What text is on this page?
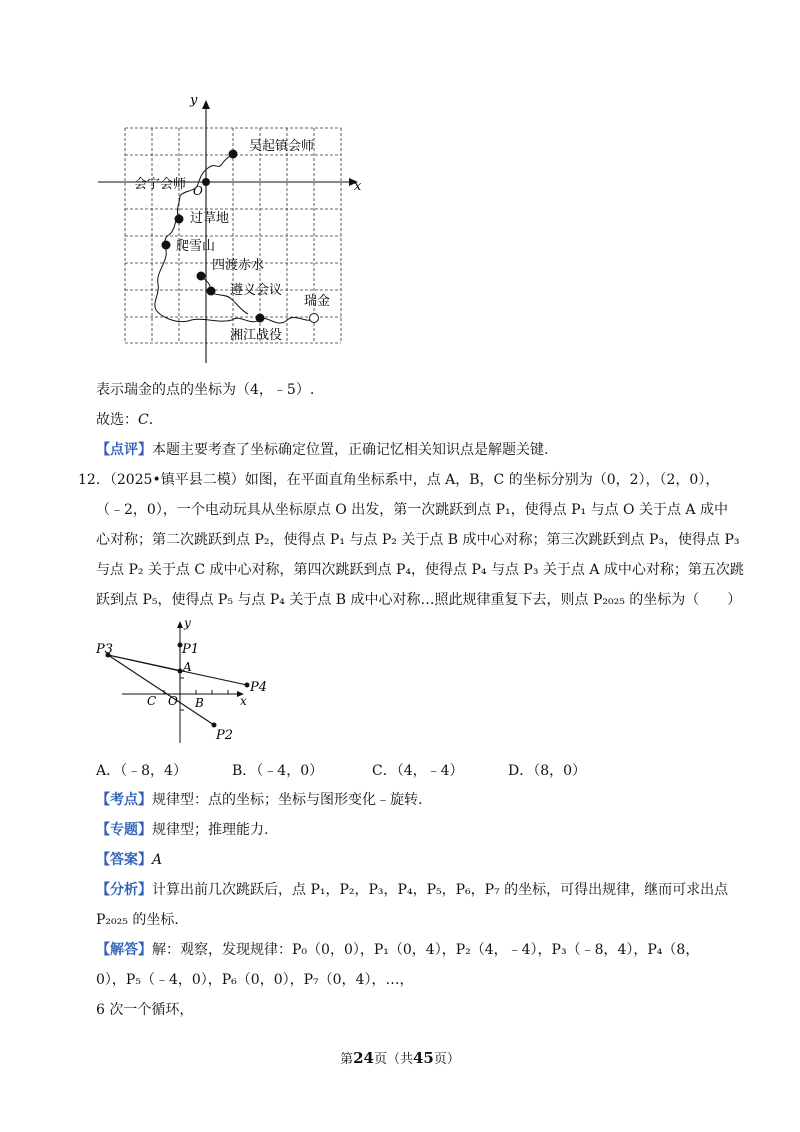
x
y
O
吴起镇会师
会宁会师
过草地
爬雪山
四渡赤水
遵义会议
瑞金
湘江战役
表示瑞金的点的坐标为（4，﹣5）.
故选：C.
【点评】本题主要考查了坐标确定位置，正确记忆相关知识点是解题关键.
12．（2025•镇平县二模）如图，在平面直角坐标系中，点 A，B，C 的坐标分别为（0，2），（2，0），
（﹣2，0），一个电动玩具从坐标原点 O 出发，第一次跳跃到点 P₁，使得点 P₁ 与点 O 关于点 A 成中
心对称；第二次跳跃到点 P₂，使得点 P₁ 与点 P₂ 关于点 B 成中心对称；第三次跳跃到点 P₃，使得点 P₃
与点 P₂ 关于点 C 成中心对称，第四次跳跃到点 P₄，使得点 P₄ 与点 P₃ 关于点 A 成中心对称；第五次跳
跃到点 P₅，使得点 P₅ 与点 P₄ 关于点 B 成中心对称…照此规律重复下去，则点 P₂₀₂₅ 的坐标为（　　）
P3	P1
A
P4
C O B	x
y
P2
A．（﹣8，4）	B．（﹣4，0）	C．（4，﹣4）	D．（8，0）
【考点】规律型：点的坐标；坐标与图形变化﹣旋转.
【专题】规律型；推理能力.
【答案】A
【分析】计算出前几次跳跃后，点 P₁，P₂，P₃，P₄，P₅，P₆，P₇ 的坐标，可得出规律，继而可求出点
P₂₀₂₅ 的坐标.
【解答】解：观察，发现规律：P₀（0，0），P₁（0，4），P₂（4，﹣4），P₃（﹣8，4），P₄（8，
0），P₅（﹣4，0），P₆（0，0），P₇（0，4），…，
6 次一个循环，
第24页（共45页）
